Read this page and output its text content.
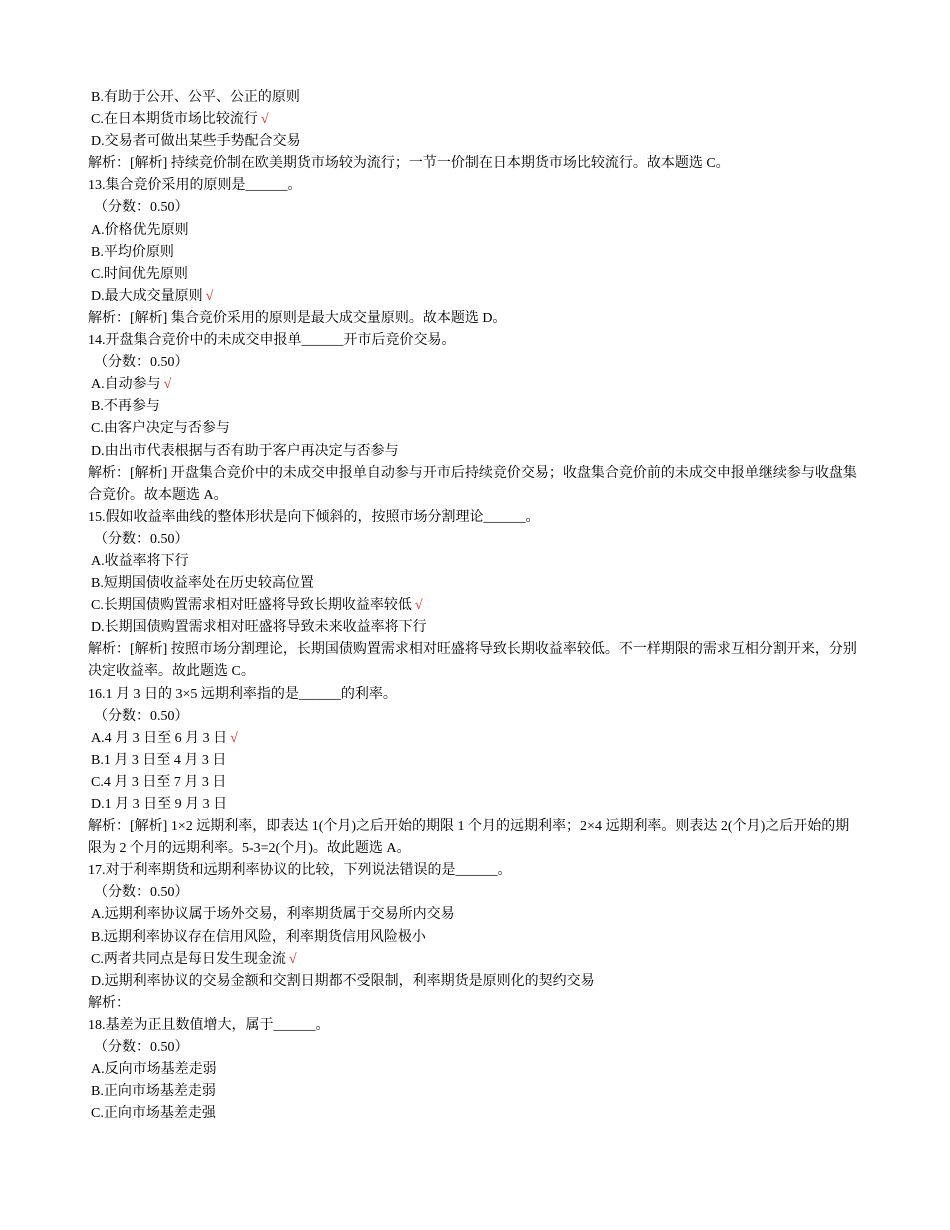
B.有助于公开、公平、公正的原则
C.在日本期货市场比较流行 √
D.交易者可做出某些手势配合交易
解析：[解析] 持续竞价制在欧美期货市场较为流行；一节一价制在日本期货市场比较流行。故本题选 C。
13.集合竞价采用的原则是______。
（分数：0.50）
A.价格优先原则
B.平均价原则
C.时间优先原则
D.最大成交量原则 √
解析：[解析] 集合竞价采用的原则是最大成交量原则。故本题选 D。
14.开盘集合竞价中的未成交申报单______开市后竞价交易。
（分数：0.50）
A.自动参与 √
B.不再参与
C.由客户决定与否参与
D.由出市代表根据与否有助于客户再决定与否参与
解析：[解析] 开盘集合竞价中的未成交申报单自动参与开市后持续竞价交易；收盘集合竞价前的未成交申报单继续参与收盘集合竞价。故本题选 A。
15.假如收益率曲线的整体形状是向下倾斜的，按照市场分割理论______。
（分数：0.50）
A.收益率将下行
B.短期国债收益率处在历史较高位置
C.长期国债购置需求相对旺盛将导致长期收益率较低 √
D.长期国债购置需求相对旺盛将导致未来收益率将下行
解析：[解析] 按照市场分割理论，长期国债购置需求相对旺盛将导致长期收益率较低。不一样期限的需求互相分割开来，分别决定收益率。故此题选 C。
16.1 月 3 日的 3×5 远期利率指的是______的利率。
（分数：0.50）
A.4 月 3 日至 6 月 3 日 √
B.1 月 3 日至 4 月 3 日
C.4 月 3 日至 7 月 3 日
D.1 月 3 日至 9 月 3 日
解析：[解析] 1×2 远期利率，即表达 1(个月)之后开始的期限 1 个月的远期利率；2×4 远期利率。则表达 2(个月)之后开始的期限为 2 个月的远期利率。5-3=2(个月)。故此题选 A。
17.对于利率期货和远期利率协议的比较，下列说法错误的是______。
（分数：0.50）
A.远期利率协议属于场外交易，利率期货属于交易所内交易
B.远期利率协议存在信用风险，利率期货信用风险极小
C.两者共同点是每日发生现金流 √
D.远期利率协议的交易金额和交割日期都不受限制，利率期货是原则化的契约交易
解析：
18.基差为正且数值增大，属于______。
（分数：0.50）
A.反向市场基差走弱
B.正向市场基差走弱
C.正向市场基差走强
